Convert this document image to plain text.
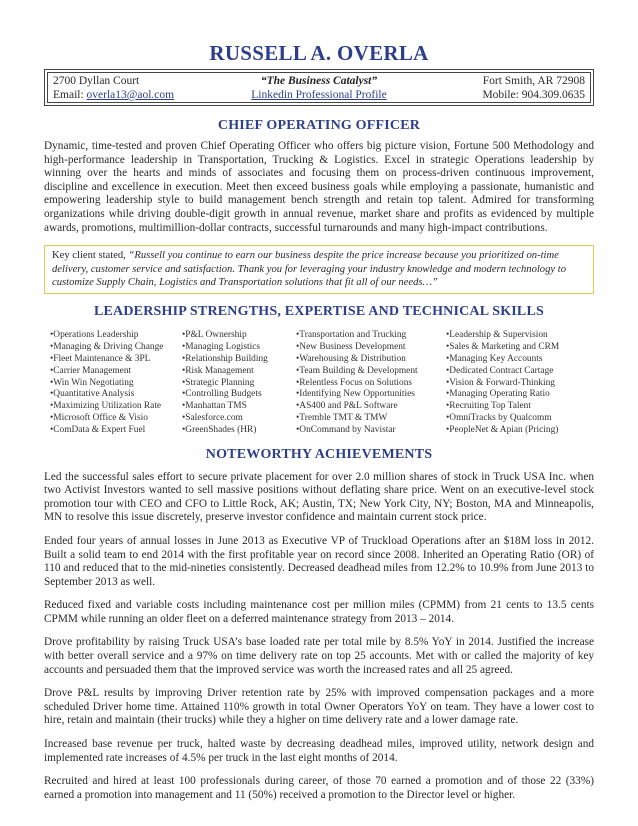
RUSSELL A. OVERLA
2700 Dyllan Court
Email: overla13@aol.com
“The Business Catalyst”
Linkedin Professional Profile
Fort Smith, AR 72908
Mobile: 904.309.0635
CHIEF OPERATING OFFICER

Dynamic, time-tested and proven Chief Operating Officer who offers big picture vision, Fortune 500 Methodology and high-performance leadership in Transportation, Trucking & Logistics. Excel in strategic Operations leadership by winning over the hearts and minds of associates and focusing them on process-driven continuous improvement, discipline and excellence in execution. Meet then exceed business goals while employing a passionate, humanistic and empowering leadership style to build management bench strength and retain top talent. Admired for transforming organizations while driving double-digit growth in annual revenue, market share and profits as evidenced by multiple awards, promotions, multimillion-dollar contracts, successful turnarounds and many high-impact contributions.

Key client stated, “Russell you continue to earn our business despite the price increase because you prioritized on-time delivery, customer service and satisfaction. Thank you for leveraging your industry knowledge and modern technology to customize Supply Chain, Logistics and Transportation solutions that fit all of our needs…”
LEADERSHIP STRENGTHS, EXPERTISE AND TECHNICAL SKILLS
• Operations Leadership
• Managing & Driving Change
• Fleet Maintenance & 3PL
• Carrier Management
• Win Win Negotiating
• Quantitative Analysis
• Maximizing Utilization Rate
• Microsoft Office & Visio
• ComData & Expert Fuel
• P&L Ownership
• Managing Logistics
• Relationship Building
• Risk Management
• Strategic Planning
• Controlling Budgets
• Manhattan TMS
• Salesforce.com
• GreenShades (HR)
• Transportation and Trucking
• New Business Development
• Warehousing & Distribution
• Team Building & Development
• Relentless Focus on Solutions
• Identifying New Opportunities
• AS400 and P&L Software
• Tremble TMT & TMW
• OnCommand by Navistar
• Leadership & Supervision
• Sales & Marketing and CRM
• Managing Key Accounts
• Dedicated Contract Cartage
• Vision & Forward-Thinking
• Managing Operating Ratio
• Recruiting Top Talent
• OmniTracks by Qualcomm
• PeopleNet & Apian (Pricing)
NOTEWORTHY ACHIEVEMENTS

Led the successful sales effort to secure private placement for over 2.0 million shares of stock in Truck USA Inc. when two Activist Investors wanted to sell massive positions without deflating share price. Went on an executive-level stock promotion tour with CEO and CFO to Little Rock, AK; Austin, TX; New York City, NY; Boston, MA and Minneapolis, MN to resolve this issue discretely, preserve investor confidence and maintain current stock price.

Ended four years of annual losses in June 2013 as Executive VP of Truckload Operations after an $18M loss in 2012. Built a solid team to end 2014 with the first profitable year on record since 2008. Inherited an Operating Ratio (OR) of 110 and reduced that to the mid-nineties consistently. Decreased deadhead miles from 12.2% to 10.9% from June 2013 to September 2013 as well.

Reduced fixed and variable costs including maintenance cost per million miles (CPMM) from 21 cents to 13.5 cents CPMM while running an older fleet on a deferred maintenance strategy from 2013 – 2014.

Drove profitability by raising Truck USA’s base loaded rate per total mile by 8.5% YoY in 2014. Justified the increase with better overall service and a 97% on time delivery rate on top 25 accounts. Met with or called the majority of key accounts and persuaded them that the improved service was worth the increased rates and all 25 agreed.

Drove P&L results by improving Driver retention rate by 25% with improved compensation packages and a more scheduled Driver home time. Attained 110% growth in total Owner Operators YoY on team. They have a lower cost to hire, retain and maintain (their trucks) while they a higher on time delivery rate and a lower damage rate.

Increased base revenue per truck, halted waste by decreasing deadhead miles, improved utility, network design and implemented rate increases of 4.5% per truck in the last eight months of 2014.

Recruited and hired at least 100 professionals during career, of those 70 earned a promotion and of those 22 (33%) earned a promotion into management and 11 (50%) received a promotion to the Director level or higher.
